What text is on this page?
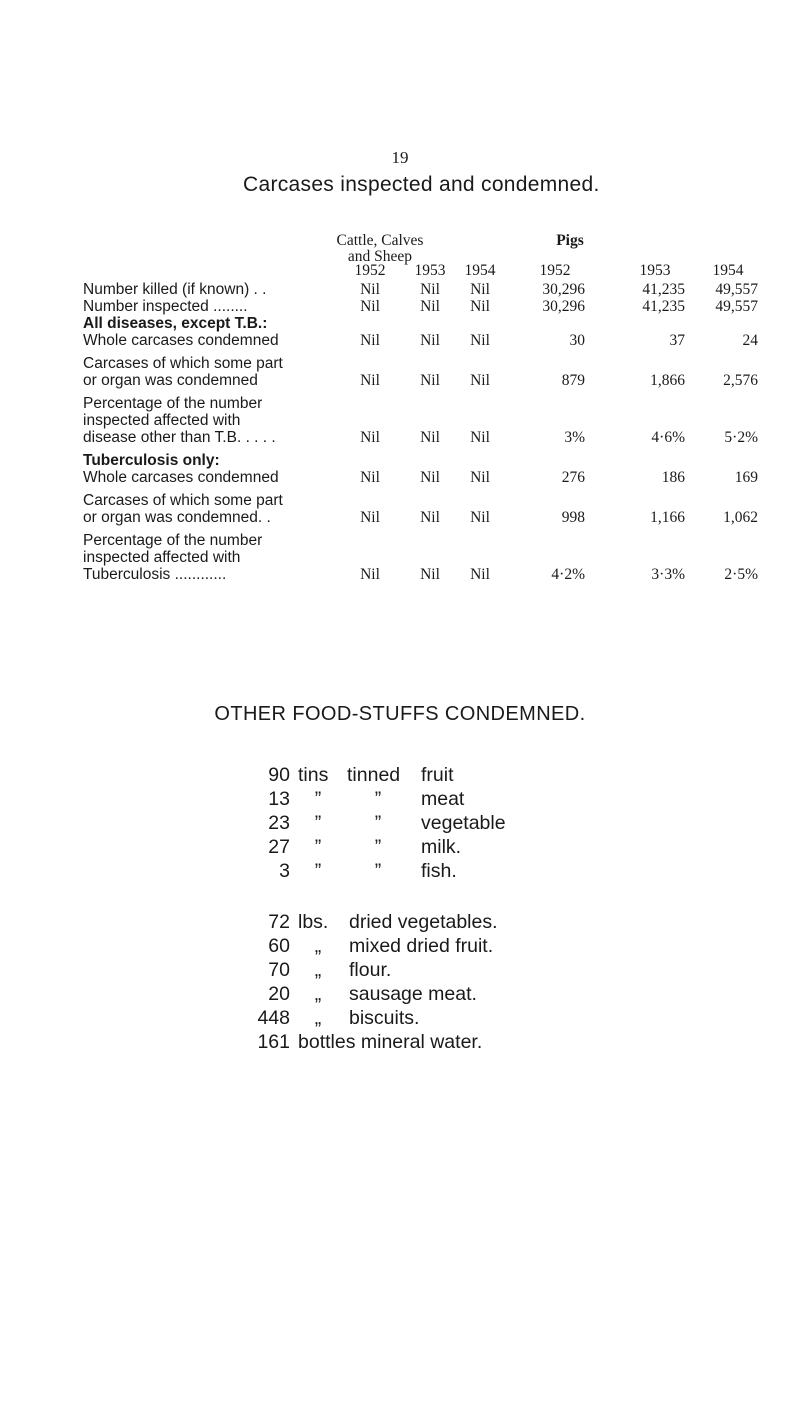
19
Carcases inspected and condemned.
Cattle, Calves
and Sheep
Pigs
1952	1953	1954	1952	1953	1954
Number killed (if known) . .	Nil	Nil	Nil	30,296	41,235	49,557
Number inspected ........	Nil	Nil	Nil	30,296	41,235	49,557
All diseases, except T.B.:
Whole carcases condemned	Nil	Nil	Nil	30	37	24
Carcases of which some part
or organ was condemned	Nil	Nil	Nil	879	1,866	2,576
Percentage of the number
inspected affected with
disease other than T.B. . . . .	Nil	Nil	Nil	3%	4·6%	5·2%
Tuberculosis only:
Whole carcases condemned	Nil	Nil	Nil	276	186	169
Carcases of which some part
or organ was condemned. .	Nil	Nil	Nil	998	1,166	1,062
Percentage of the number
inspected affected with
Tuberculosis ............	Nil	Nil	Nil	4·2%	3·3%	2·5%
OTHER FOOD-STUFFS CONDEMNED.
90 tins tinned	fruit
13	”	”	meat
23	”	”	vegetable
27	”	”	milk.
3	”	”	fish.
72 lbs.	dried vegetables.
60	„	mixed dried fruit.
70	„	flour.
20	„	sausage meat.
448	„	biscuits.
161 bottles mineral water.
